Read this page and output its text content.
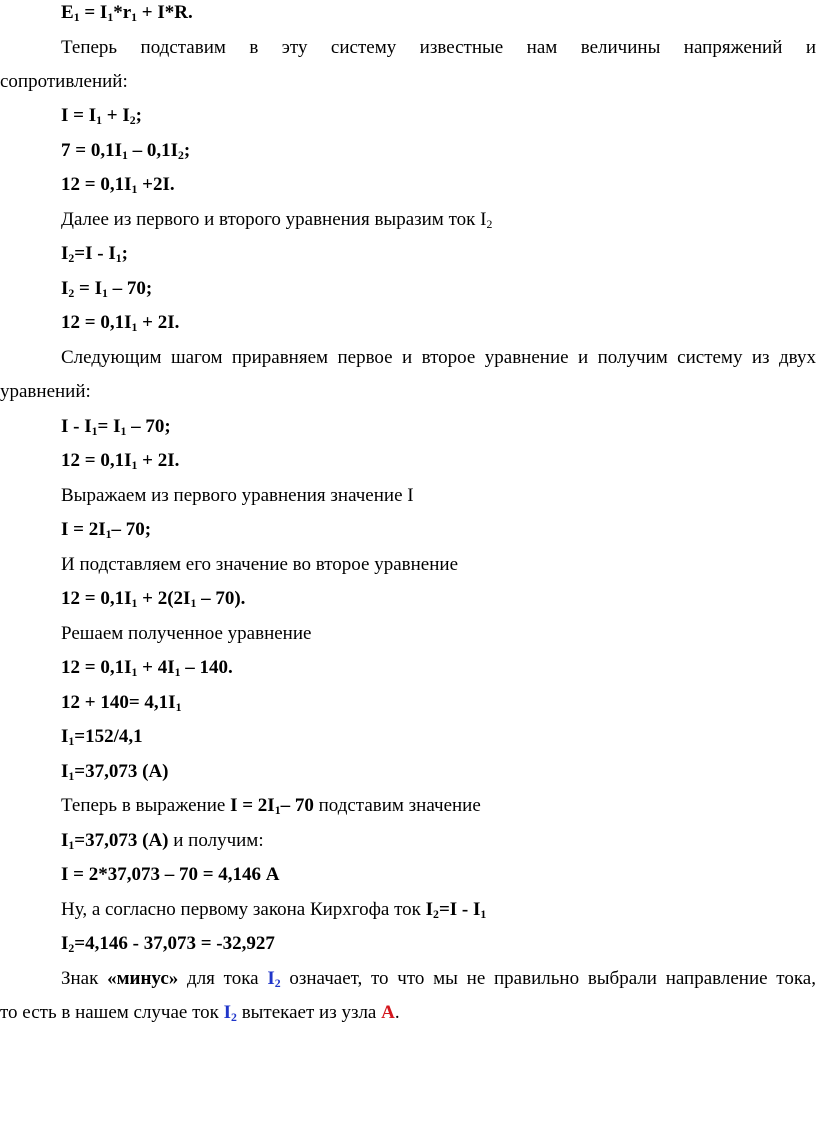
$E_1 = I_1*r_1 + I*R$.
Теперь подставим в эту систему известные нам величины напряжений и
сопротивлений:
$I = I_1 + I_2$;
$7 = 0,1I_1 - 0,1I_2$;
$12 = 0,1I_1 +2I$.
Далее из первого и второго уравнения выразим ток $I_2$
$I_2=I - I_1$;
$I_2 = I_1 - 70$;
$12 = 0,1I_1 + 2I$.
Следующим шагом приравняем первое и второе уравнение и получим систему из двух
уравнений:
$I - I_1= I_1 - 70$;
$12 = 0,1I_1 + 2I$.
Выражаем из первого уравнения значение I
$I = 2I_1-$ 70;
И подставляем его значение во второе уравнение
$12 = 0,1I_1 + 2(2I_1 - 70)$.
Решаем полученное уравнение
$12 = 0,1I_1 + 4I_1 - 140$.
$12 + 140= 4,1I_1$
$I_1=152/4,1$
$I_1=37,073$ (А)
Теперь в выражение $I = 2I_1-$ 70 подставим значение
$I_1=37,073$ (А) и получим:
I = 2*37,073 – 70 = 4,146 А
Ну, а согласно первому закона Кирхгофа ток $I_2=I - I_1$
$I_2=4,146 - 37,073 = -32,927$
Знак «минус» для тока $I_2$ означает, то что мы не правильно выбрали направление тока,
то есть в нашем случае ток $I_2$ вытекает из узла А.
